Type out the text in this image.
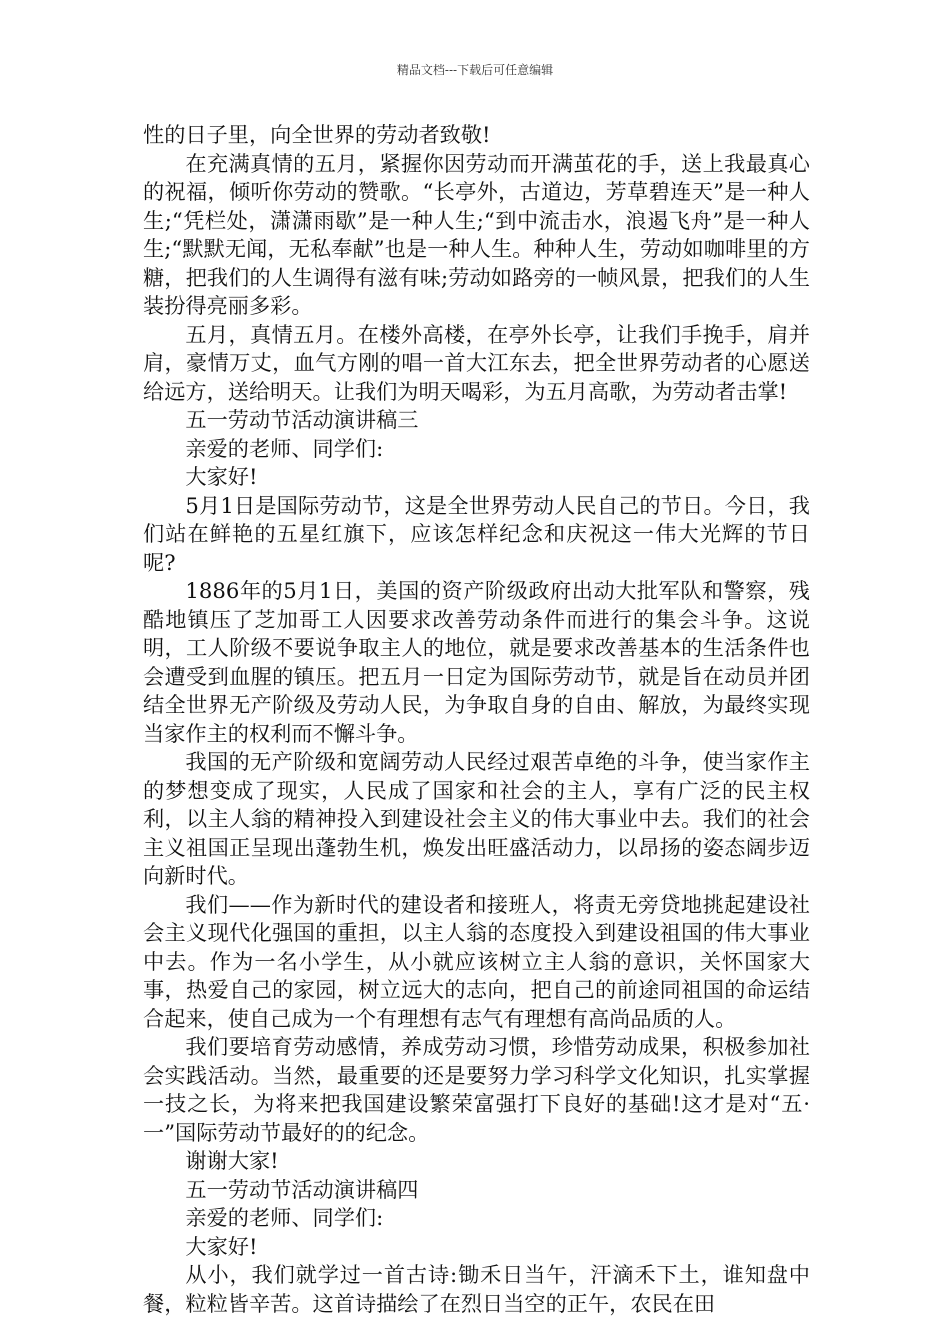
精品文档---下载后可任意编辑

性的日子里，向全世界的劳动者致敬!

在充满真情的五月，紧握你因劳动而开满茧花的手，送上我最真心的祝福，倾听你劳动的赞歌。“长亭外，古道边，芳草碧连天”是一种人生;“凭栏处，潇潇雨歇”是一种人生;“到中流击水，浪遏飞舟”是一种人生;“默默无闻，无私奉献”也是一种人生。种种人生，劳动如咖啡里的方糖，把我们的人生调得有滋有味;劳动如路旁的一帧风景，把我们的人生装扮得亮丽多彩。

五月，真情五月。在楼外高楼，在亭外长亭，让我们手挽手，肩并肩，豪情万丈，血气方刚的唱一首大江东去，把全世界劳动者的心愿送给远方，送给明天。让我们为明天喝彩，为五月高歌，为劳动者击掌!

五一劳动节活动演讲稿三

亲爱的老师、同学们:

大家好!

5月1日是国际劳动节，这是全世界劳动人民自己的节日。今日，我们站在鲜艳的五星红旗下，应该怎样纪念和庆祝这一伟大光辉的节日呢?

1886年的5月1日，美国的资产阶级政府出动大批军队和警察，残酷地镇压了芝加哥工人因要求改善劳动条件而进行的集会斗争。这说明，工人阶级不要说争取主人的地位，就是要求改善基本的生活条件也会遭受到血腥的镇压。把五月一日定为国际劳动节，就是旨在动员并团结全世界无产阶级及劳动人民，为争取自身的自由、解放，为最终实现当家作主的权利而不懈斗争。

我国的无产阶级和宽阔劳动人民经过艰苦卓绝的斗争，使当家作主的梦想变成了现实，人民成了国家和社会的主人，享有广泛的民主权利，以主人翁的精神投入到建设社会主义的伟大事业中去。我们的社会主义祖国正呈现出蓬勃生机，焕发出旺盛活动力，以昂扬的姿态阔步迈向新时代。

我们——作为新时代的建设者和接班人，将责无旁贷地挑起建设社会主义现代化强国的重担，以主人翁的态度投入到建设祖国的伟大事业中去。作为一名小学生，从小就应该树立主人翁的意识，关怀国家大事，热爱自己的家园，树立远大的志向，把自己的前途同祖国的命运结合起来，使自己成为一个有理想有志气有理想有高尚品质的人。

我们要培育劳动感情，养成劳动习惯，珍惜劳动成果，积极参加社会实践活动。当然，最重要的还是要努力学习科学文化知识，扎实掌握一技之长，为将来把我国建设繁荣富强打下良好的基础!这才是对“五·一”国际劳动节最好的的纪念。

谢谢大家!

五一劳动节活动演讲稿四

亲爱的老师、同学们:

大家好!

从小，我们就学过一首古诗:锄禾日当午，汗滴禾下土，谁知盘中餐，粒粒皆辛苦。这首诗描绘了在烈日当空的正午，农民在田
